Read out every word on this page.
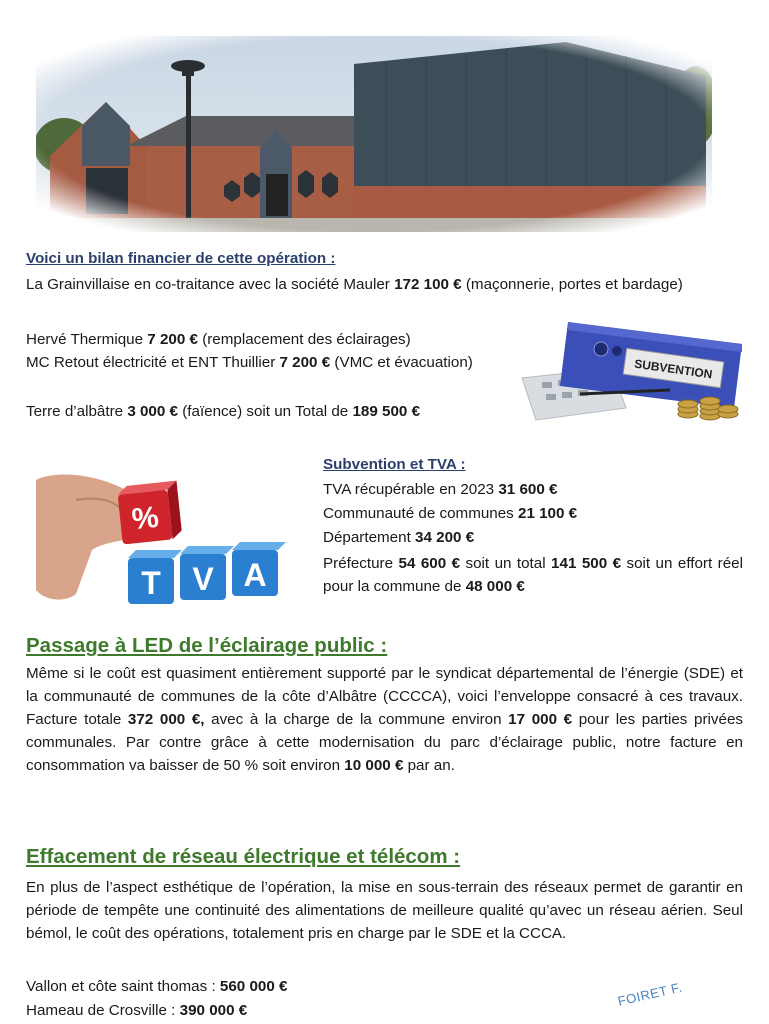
Voici un bilan financier de cette opération :
La Grainvillaise en co-traitance avec la société Mauler 172 100 € (maçonnerie, portes et bardage)
Hervé Thermique 7 200 € (remplacement des éclairages)
MC Retout électricité et ENT Thuillier 7 200 € (VMC et évacuation)
Terre d’albâtre 3 000 € (faïence) soit un Total de 189 500 €
SUBVENTION
%
T V A
Subvention et TVA :
TVA récupérable en 2023 31 600 €
Communauté de communes 21 100 €
Département 34 200 €
Préfecture 54 600 € soit un total 141 500 € soit un effort réel pour la commune de 48 000 €
Passage à LED de l’éclairage public :
Même si le coût est quasiment entièrement supporté par le syndicat départemental de l’énergie (SDE) et la communauté de communes de la côte d’Albâtre (CCCCA), voici l’enveloppe consacré à ces travaux. Facture totale 372 000 €, avec à la charge de la commune environ 17 000 € pour les parties privées communales. Par contre grâce à cette modernisation du parc d’éclairage public, notre facture en consommation va baisser de 50 % soit environ 10 000 € par an.
Effacement de réseau électrique et télécom :
En plus de l’aspect esthétique de l’opération, la mise en sous-terrain des réseaux permet de garantir en période de tempête une continuité des alimentations de meilleure qualité qu’avec un réseau aérien. Seul bémol, le coût des opérations, totalement pris en charge par le SDE et la CCCA.
Vallon et côte saint thomas : 560 000 €
Hameau de Crosville : 390 000 €
FOIRET F.
